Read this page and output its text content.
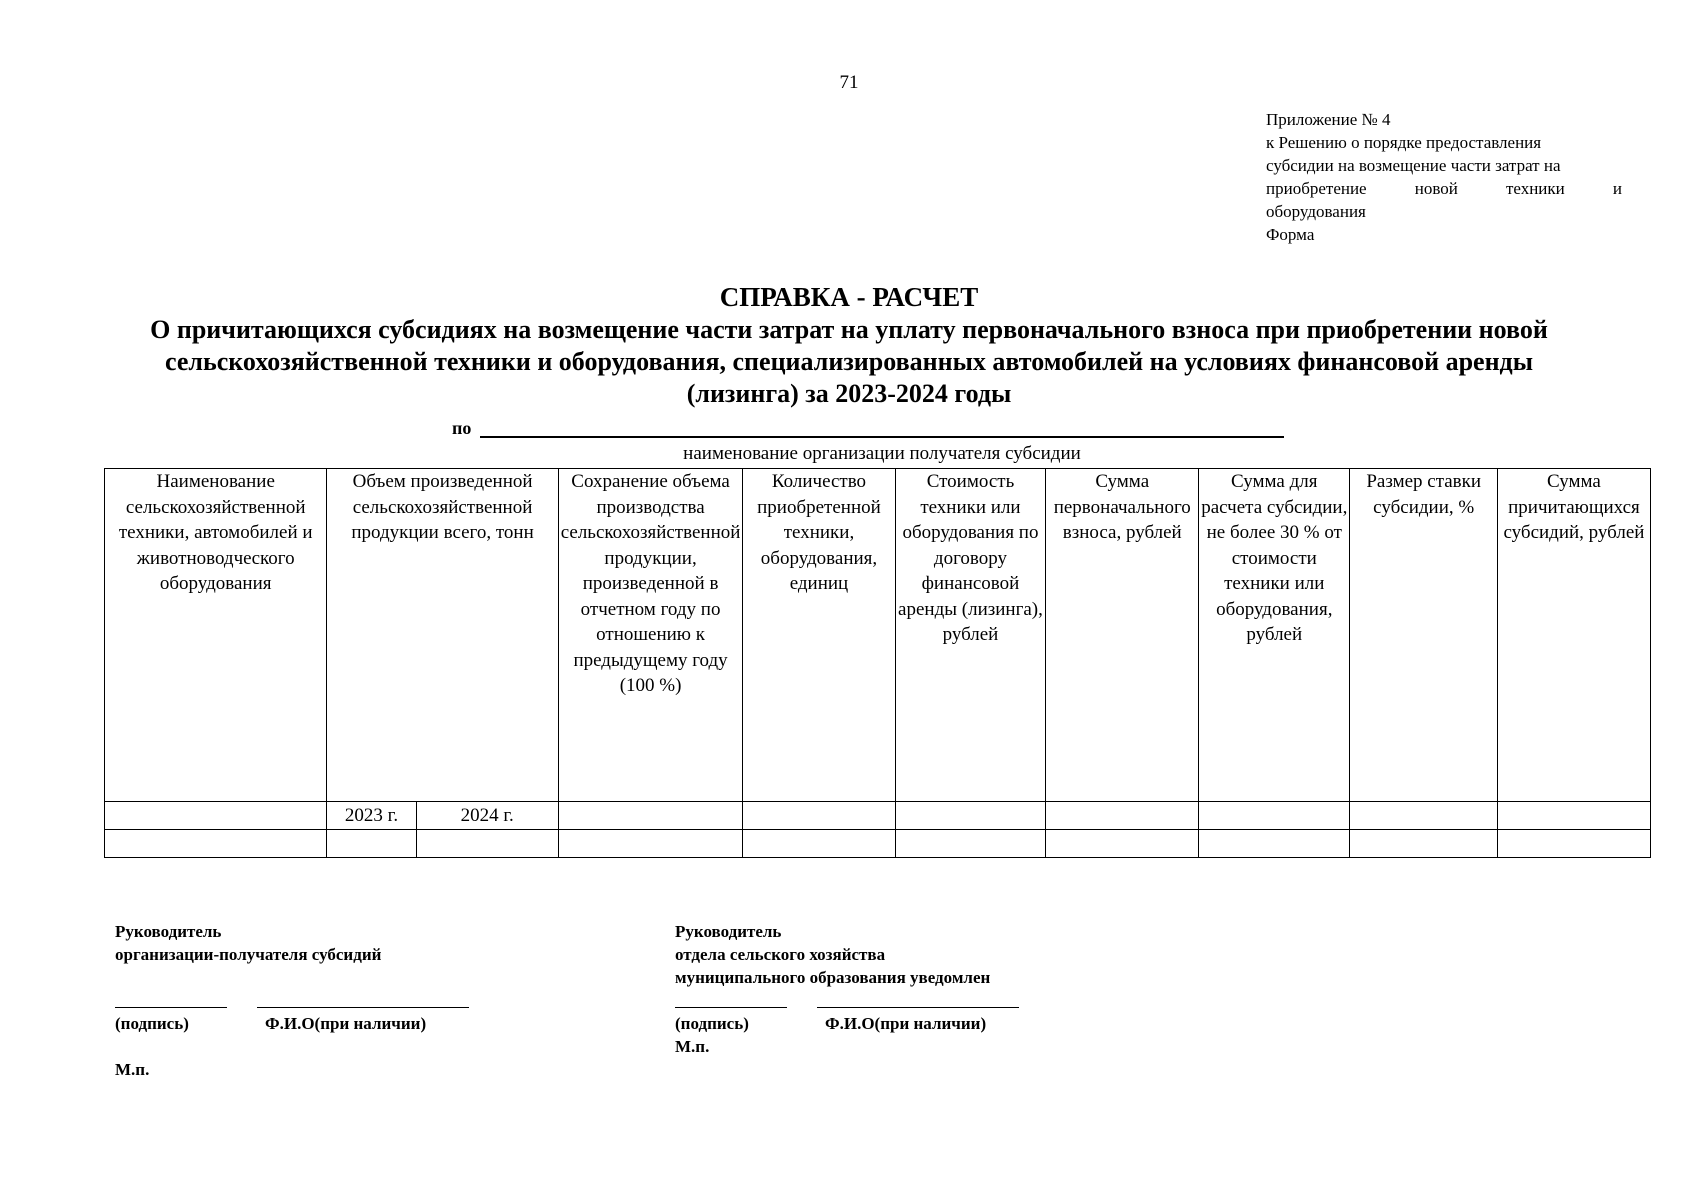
71
Приложение № 4
к Решению о порядке предоставления
субсидии на возмещение части затрат на
приобретение новой техники и
оборудования
Форма
СПРАВКА - РАСЧЕТ
О причитающихся субсидиях на возмещение части затрат на уплату первоначального взноса при приобретении новой сельскохозяйственной техники и оборудования, специализированных автомобилей на условиях финансовой аренды (лизинга) за 2023-2024 годы
по
наименование организации получателя субсидии
Наименование сельскохозяйственной техники, автомобилей и животноводчеcкого оборудования	Объем произведенной сельскохозяйственной продукции всего, тонн		Сохранение объема производства сельскохозяйственной продукции, произведенной в отчетном году по отношению к предыдущему году (100 %)	Количество приобретенной техники, оборудования, единиц	Стоимость техники или оборудования по договору финансовой аренды (лизинга), рублей	Сумма первоначального взноса, рублей	Сумма для расчета субсидии, не более 30 % от стоимости техники или оборудования, рублей	Размер ставки субсидии, %	Сумма причитающихся субсидий, рублей
	2023 г.	2024 г.							

Руководитель
организации-получателя субсидий
(подпись)	Ф.И.О(при наличии)
М.п.
Руководитель
отдела сельского хозяйства
муниципального образования уведомлен
(подпись)	Ф.И.О(при наличии)
М.п.
